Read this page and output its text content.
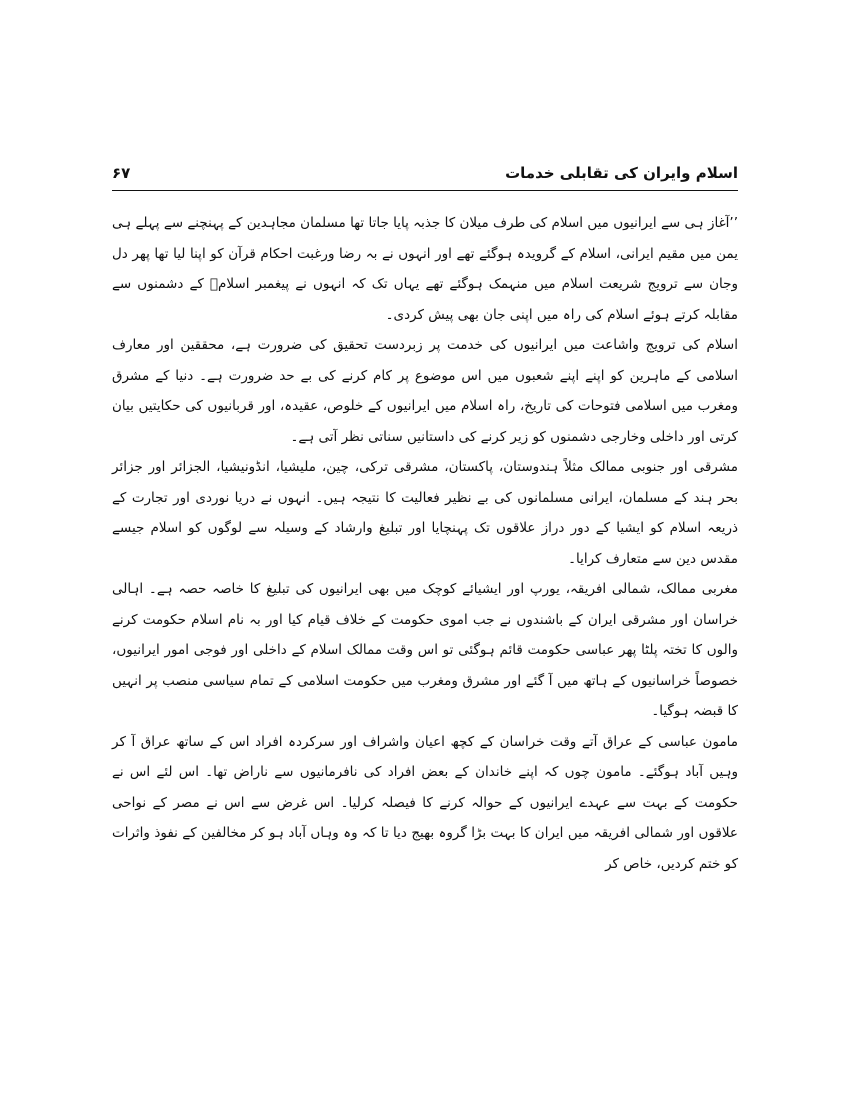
اسلام وایران کی تقابلی خدمات
۶۷

’’آغاز ہی سے ایرانیوں میں اسلام کی طرف میلان کا جذبہ پایا جاتا تھا مسلمان مجاہدین کے پہنچنے سے پہلے ہی یمن میں مقیم ایرانی، اسلام کے گرویدہ ہوگئے تھے اور انہوں نے بہ رضا ورغبت احکام قرآن کو اپنا لیا تھا پھر دل وجان سے ترویج شریعت اسلام میں منہمک ہوگئے تھے یہاں تک کہ انہوں نے پیغمبر اسلامؐ کے دشمنوں سے مقابلہ کرتے ہوئے اسلام کی راہ میں اپنی جان بھی پیش کردی۔

اسلام کی ترویج واشاعت میں ایرانیوں کی خدمت پر زبردست تحقیق کی ضرورت ہے، محققین اور معارف اسلامی کے ماہرین کو اپنے اپنے شعبوں میں اس موضوع پر کام کرنے کی بے حد ضرورت ہے۔ دنیا کے مشرق ومغرب میں اسلامی فتوحات کی تاریخ، راہ اسلام میں ایرانیوں کے خلوص، عقیدہ، اور قربانیوں کی حکایتیں بیان کرتی اور داخلی وخارجی دشمنوں کو زیر کرنے کی داستانیں سناتی نظر آتی ہے۔

مشرقی اور جنوبی ممالک مثلاً ہندوستان، پاکستان، مشرقی ترکی، چین، ملیشیا، انڈونیشیا، الجزائر اور جزائر بحر ہند کے مسلمان، ایرانی مسلمانوں کی بے نظیر فعالیت کا نتیجہ ہیں۔ انہوں نے دریا نوردی اور تجارت کے ذریعہ اسلام کو ایشیا کے دور دراز علاقوں تک پہنچایا اور تبلیغ وارشاد کے وسیلہ سے لوگوں کو اسلام جیسے مقدس دین سے متعارف کرایا۔

مغربی ممالک، شمالی افریقہ، یورپ اور ایشیائے کوچک میں بھی ایرانیوں کی تبلیغ کا خاصہ حصہ ہے۔ اہالی خراسان اور مشرقی ایران کے باشندوں نے جب اموی حکومت کے خلاف قیام کیا اور بہ نام اسلام حکومت کرنے والوں کا تختہ پلٹا پھر عباسی حکومت قائم ہوگئی تو اس وقت ممالک اسلام کے داخلی اور فوجی امور ایرانیوں، خصوصاً خراسانیوں کے ہاتھ میں آ گئے اور مشرق ومغرب میں حکومت اسلامی کے تمام سیاسی منصب پر انہیں کا قبضہ ہوگیا۔

مامون عباسی کے عراق آتے وقت خراسان کے کچھ اعیان واشراف اور سرکردہ افراد اس کے ساتھ عراق آ کر وہیں آباد ہوگئے۔ مامون چوں کہ اپنے خاندان کے بعض افراد کی نافرمانیوں سے ناراض تھا۔ اس لئے اس نے حکومت کے بہت سے عہدے ایرانیوں کے حوالہ کرنے کا فیصلہ کرلیا۔ اس غرض سے اس نے مصر کے نواحی علاقوں اور شمالی افریقہ میں ایران کا بہت بڑا گروہ بھیج دیا تا کہ وہ وہاں آباد ہو کر مخالفین کے نفوذ واثرات کو ختم کردیں، خاص کر
